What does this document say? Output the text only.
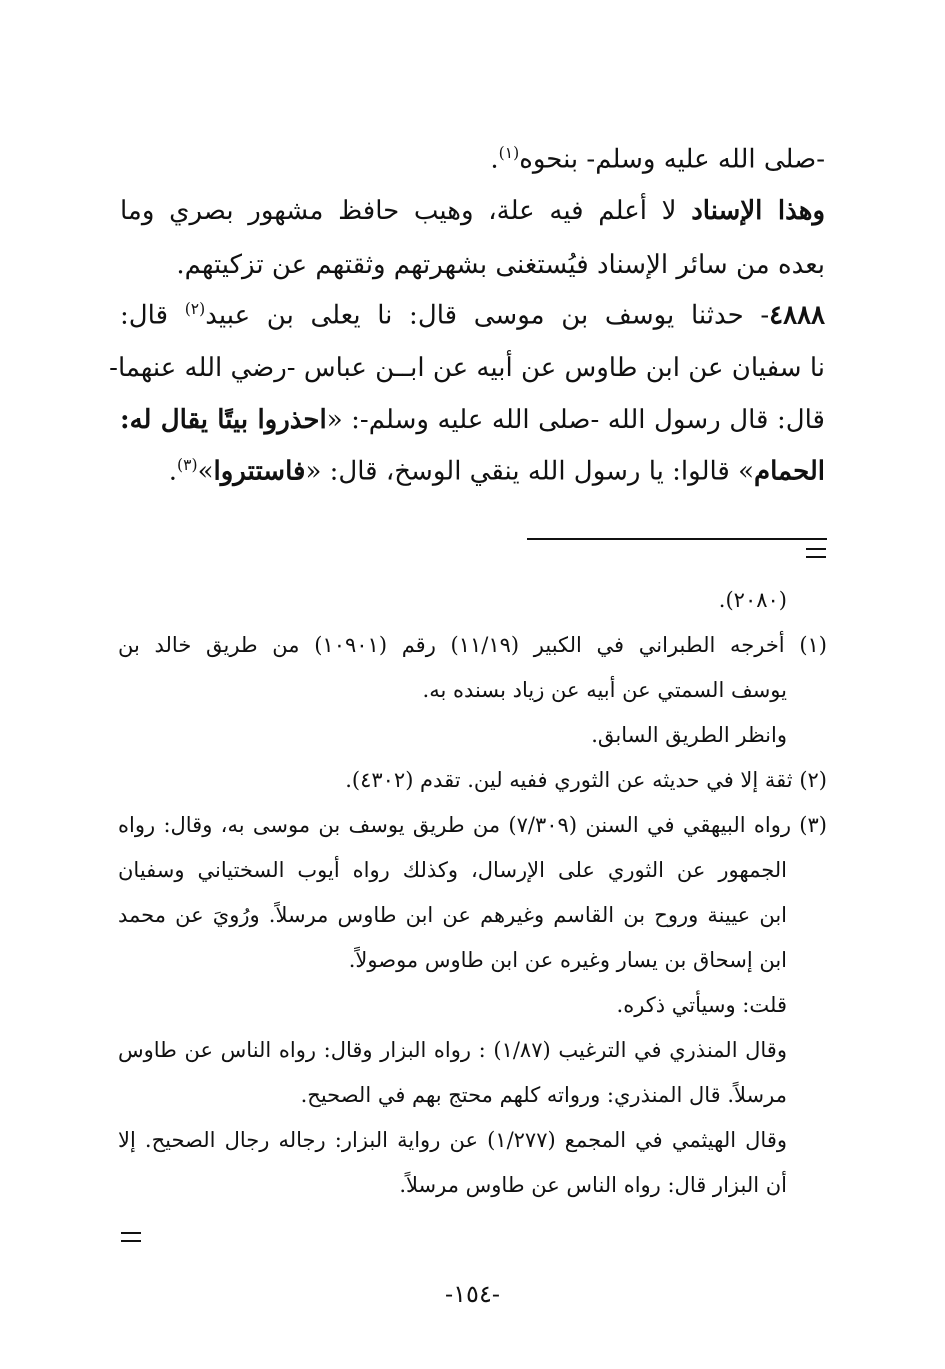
-صلى الله عليه وسلم- بنحوه$^{(١)}$.
وهذا الإسناد لا أعلم فيه علة، وهيب حافظ مشهور بصري وما
بعده من سائر الإسناد فيُستغنى بشهرتهم وثقتهم عن تزكيتهم.
٤٨٨٨- حدثنا يوسف بن موسى قال: نا يعلى بن عبيد$^{(٢)}$ قال:
نا سفيان عن ابن طاوس عن أبيه عن ابــن عباس -رضي الله عنهما-
قال: قال رسول الله -صلى الله عليه وسلم-: «احذروا بيتًا يقال له:
الحمام» قالوا: يا رسول الله ينقي الوسخ، قال: «فاستتروا»$^{(٣)}$.
(٢٠٨٠).
(١) أخرجه الطبراني في الكبير (١١/١٩) رقم (١٠٩٠١) من طريق خالد بن
يوسف السمتي عن أبيه عن زياد بسنده به.
وانظر الطريق السابق.
(٢) ثقة إلا في حديثه عن الثوري ففيه لين. تقدم (٤٣٠٢).
(٣) رواه البيهقي في السنن (٧/٣٠٩) من طريق يوسف بن موسى به، وقال: رواه
الجمهور عن الثوري على الإرسال، وكذلك رواه أيوب السختياني وسفيان
ابن عيينة وروح بن القاسم وغيرهم عن ابن طاوس مرسلاً. ورُويَ عن محمد
ابن إسحاق بن يسار وغيره عن ابن طاوس موصولاً.
قلت: وسيأتي ذكره.
وقال المنذري في الترغيب (١/٨٧) : رواه البزار وقال: رواه الناس عن طاوس
مرسلاً. قال المنذري: ورواته كلهم محتج بهم في الصحيح.
وقال الهيثمي في المجمع (١/٢٧٧) عن رواية البزار: رجاله رجال الصحيح. إلا
أن البزار قال: رواه الناس عن طاوس مرسلاً.
-١٥٤-
